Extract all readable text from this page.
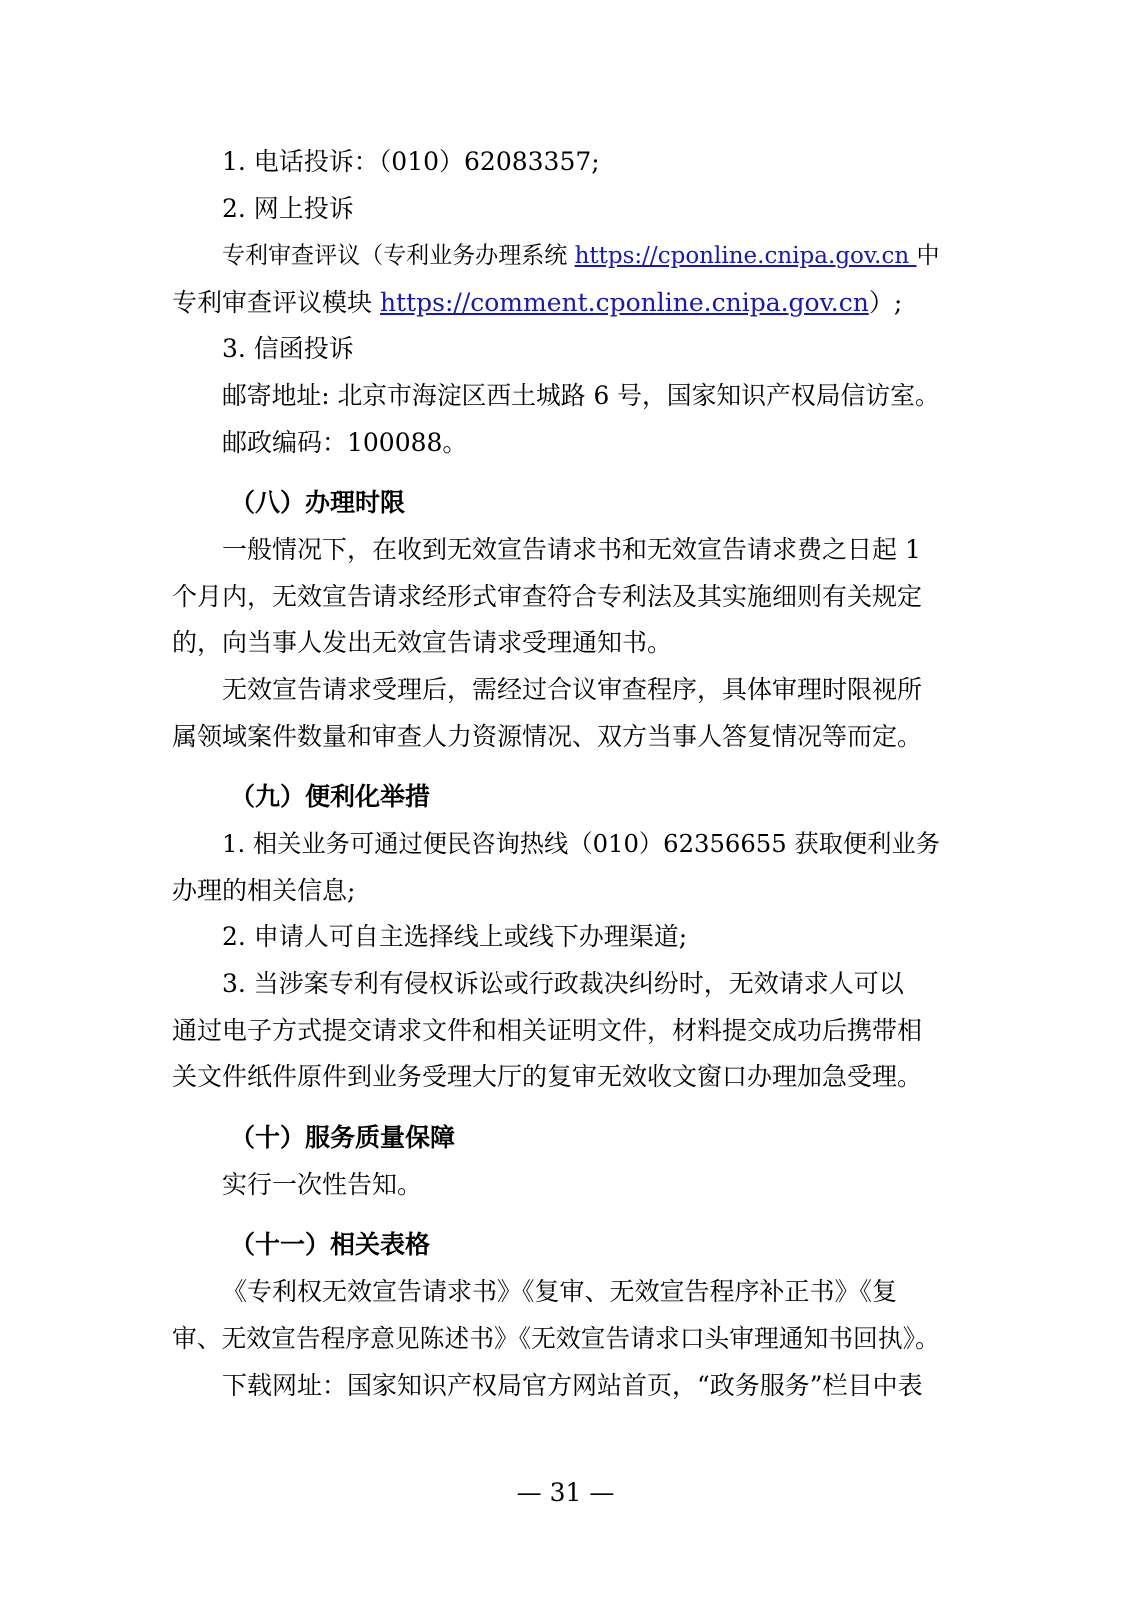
1. 电话投诉：（010）62083357;
2. 网上投诉
专利审查评议（专利业务办理系统 https://cponline.cnipa.gov.cn 中
专利审查评议模块 https://comment.cponline.cnipa.gov.cn）;
3. 信函投诉
邮寄地址: 北京市海淀区西土城路 6 号，国家知识产权局信访室。
邮政编码：100088。
（八）办理时限
一般情况下，在收到无效宣告请求书和无效宣告请求费之日起 1
个月内，无效宣告请求经形式审查符合专利法及其实施细则有关规定
的，向当事人发出无效宣告请求受理通知书。
无效宣告请求受理后，需经过合议审查程序，具体审理时限视所
属领域案件数量和审查人力资源情况、双方当事人答复情况等而定。
（九）便利化举措
1. 相关业务可通过便民咨询热线（010）62356655 获取便利业务
办理的相关信息;
2. 申请人可自主选择线上或线下办理渠道;
3. 当涉案专利有侵权诉讼或行政裁决纠纷时，无效请求人可以
通过电子方式提交请求文件和相关证明文件，材料提交成功后携带相
关文件纸件原件到业务受理大厅的复审无效收文窗口办理加急受理。
（十）服务质量保障
实行一次性告知。
（十一）相关表格
《专利权无效宣告请求书》《复审、无效宣告程序补正书》《复
审、无效宣告程序意见陈述书》《无效宣告请求口头审理通知书回执》。
下载网址：国家知识产权局官方网站首页，“政务服务”栏目中表
— 31 —
